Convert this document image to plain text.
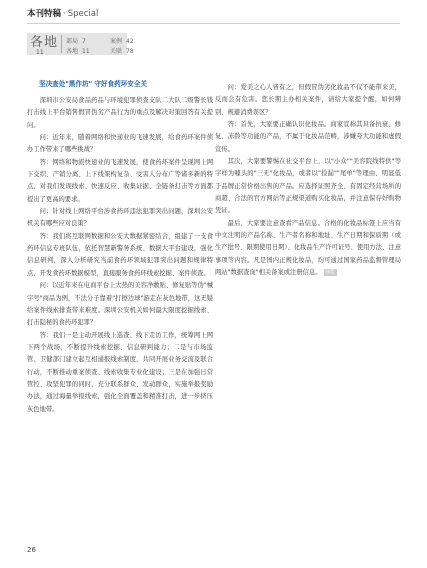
本刊特稿 · Special
各地
11
部局 7	案例 42
各地 11	关联 78

坚决查处"黑作坊" 守好食药环安全关

深圳市公安局食品药品与环境犯罪侦查支队二大队二级警长钱打击线上平台销售假冒伪劣产品行为的重点及解决对策回答有关提问。

问：近年来，随着网络和快递业的飞速发展，给食药环案件侦办工作带来了哪些挑战？

答：网络和物流快递业的飞速发展，使食药环案件呈现网上网下交织、产销分离、上下线架构复杂、受害人分布广等诸多新的特点，对我们发现线索、快速反应、收集证据、全链条打击等方面都提出了更高的要求。

问：针对线上网络平台涉食药环违法犯罪突出问题，深圳公安机关有哪些应对良策？

答：我们将互联网数据和公安大数据紧密结合，组建了一支食药环信息专班队伍，依托智慧新警务系统、数据大平台建设，强化信息研判，深入分析研究当前食药环领域犯罪突出问题和规律特点，开发食药环数据模型，直接服务食药环线索挖掘、案件侦查。

问：以近年来在电商平台上大热的美容净敷贴、修复贴等伪"械字号"商品为例，不法分子靠着"打擦边球"游走在灰色地带，这无疑给案件线索排查带来难度。深圳公安机关如何最大限度挖掘线索、打击隐秘的食药环犯罪？

答：我们一是主动开展线上巡查、线下走访工作，统筹网上网下两个战场，不断提升线索挖掘、信息研判能力；二是与市场监管、卫健部门建立起互相通报线索制度，共同开展业务交流及联合行动，不断推动重案侦查、线索收集专业化建设；三是在加强日常管控、攻坚犯罪的同时，充分联系群众、发动群众，实施举报奖励办法，通过海量举报线索，强化全面覆盖和精准打击，进一步挤压灰色地带。

问：爱美之心人皆有之，但假冒伪劣化妆品不仅不能带来美，反而会有危害。您长期主办相关案件，请给大家提个醒，如何辨别、规避消费误区？

答：首先，大家要正确认识化妆品。商家宣称其具备抗衰、修复、冻龄等功能的产品，不属于化妆品范畴，涉嫌夸大功能和虚假宣传。

其次，大家要警惕在社交平台上，以"小众""美容院线特供"等字样为噱头的"三无"化妆品，或者以"捡漏""尾单"等理由、明显低于品牌正常价格出售的产品。应选择证照齐全、有固定经营场所的商超、合法的官方网站等正规渠道购买化妆品，并注意保存好购物凭证。

最后，大家要注意查看产品信息。合格的化妆品标签上应当有中文注明的产品名称、生产者名称和地址、生产日期和保质期（或生产批号、限期使用日期）、化妆品生产许可证号、使用方法、注意事项等内容。凡是国内正规化妆品，均可通过国家药品监督管理局网站"数据查询"相关备案或注册信息。 钱佳

26
